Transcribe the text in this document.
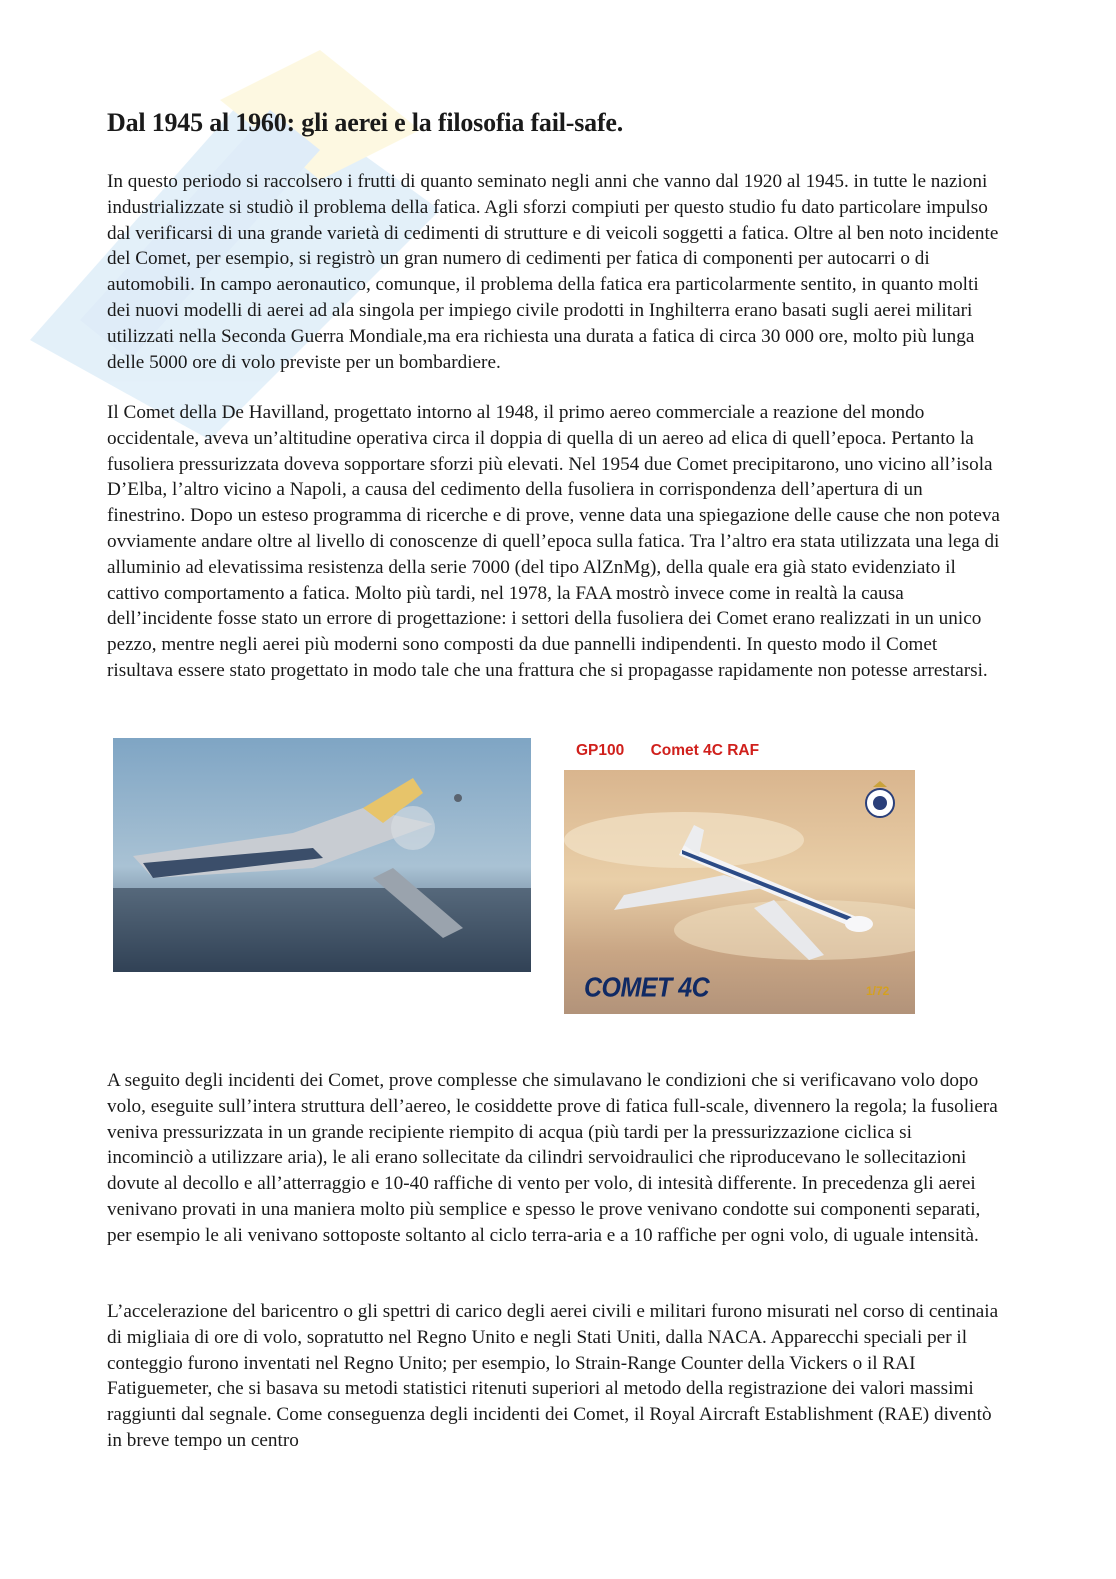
Dal 1945 al 1960: gli aerei e la filosofia fail-safe.

In questo periodo si raccolsero i frutti di quanto seminato negli anni che vanno dal 1920 al 1945. in tutte le nazioni industrializzate si studiò il problema della fatica. Agli sforzi compiuti per questo studio fu dato particolare impulso dal verificarsi di una grande varietà di cedimenti di strutture e di veicoli soggetti a fatica. Oltre al ben noto incidente del Comet, per esempio, si registrò un gran numero di cedimenti per fatica di componenti per autocarri o di automobili. In campo aeronautico, comunque, il problema della fatica era particolarmente sentito, in quanto molti dei nuovi modelli di aerei ad ala singola per impiego civile prodotti in Inghilterra erano basati sugli aerei militari utilizzati nella Seconda Guerra Mondiale,ma era richiesta una durata a fatica di circa 30 000 ore, molto più lunga delle 5000 ore di volo previste per un bombardiere.

Il Comet della De Havilland, progettato intorno al 1948, il primo aereo commerciale a reazione del mondo occidentale, aveva un’altitudine operativa circa il doppia di quella di un aereo ad elica di quell’epoca. Pertanto la fusoliera pressurizzata doveva sopportare sforzi più elevati. Nel 1954 due Comet precipitarono, uno vicino all’isola D’Elba, l’altro vicino a Napoli, a causa del cedimento della fusoliera in corrispondenza dell’apertura di un finestrino. Dopo un esteso programma di ricerche e di prove, venne data una spiegazione delle cause che non poteva ovviamente andare oltre al livello di conoscenze di quell’epoca sulla fatica. Tra l’altro era stata utilizzata una lega di alluminio ad elevatissima resistenza della serie 7000 (del tipo AlZnMg), della quale era già stato evidenziato il cattivo comportamento a fatica. Molto più tardi, nel 1978, la FAA mostrò invece come in realtà la causa dell’incidente fosse stato un errore di progettazione: i settori della fusoliera dei Comet erano realizzati in un unico pezzo, mentre negli aerei più moderni sono composti da due pannelli indipendenti. In questo modo il Comet risultava essere stato progettato in modo tale che una frattura che si propagasse rapidamente non potesse arrestarsi.

GP100 Comet 4C RAF
COMET 4C	1/72

A seguito degli incidenti dei Comet, prove complesse che simulavano le condizioni che si verificavano volo dopo volo, eseguite sull’intera struttura dell’aereo, le cosiddette prove di fatica full-scale, divennero la regola; la fusoliera veniva pressurizzata in un grande recipiente riempito di acqua (più tardi per la pressurizzazione ciclica si incominciò a utilizzare aria), le ali erano sollecitate da cilindri servoidraulici che riproducevano le sollecitazioni dovute al decollo e all’atterraggio e 10-40 raffiche di vento per volo, di intesità differente. In precedenza gli aerei venivano provati in una maniera molto più semplice e spesso le prove venivano condotte sui componenti separati, per esempio le ali venivano sottoposte soltanto al ciclo terra-aria e a 10 raffiche per ogni volo, di uguale intensità.

L’accelerazione del baricentro o gli spettri di carico degli aerei civili e militari furono misurati nel corso di centinaia di migliaia di ore di volo, sopratutto nel Regno Unito e negli Stati Uniti, dalla NACA. Apparecchi speciali per il conteggio furono inventati nel Regno Unito; per esempio, lo Strain-Range Counter della Vickers o il RAI Fatiguemeter, che si basava su metodi statistici ritenuti superiori al metodo della registrazione dei valori massimi raggiunti dal segnale. Come conseguenza degli incidenti dei Comet, il Royal Aircraft Establishment (RAE) diventò in breve tempo un centro
